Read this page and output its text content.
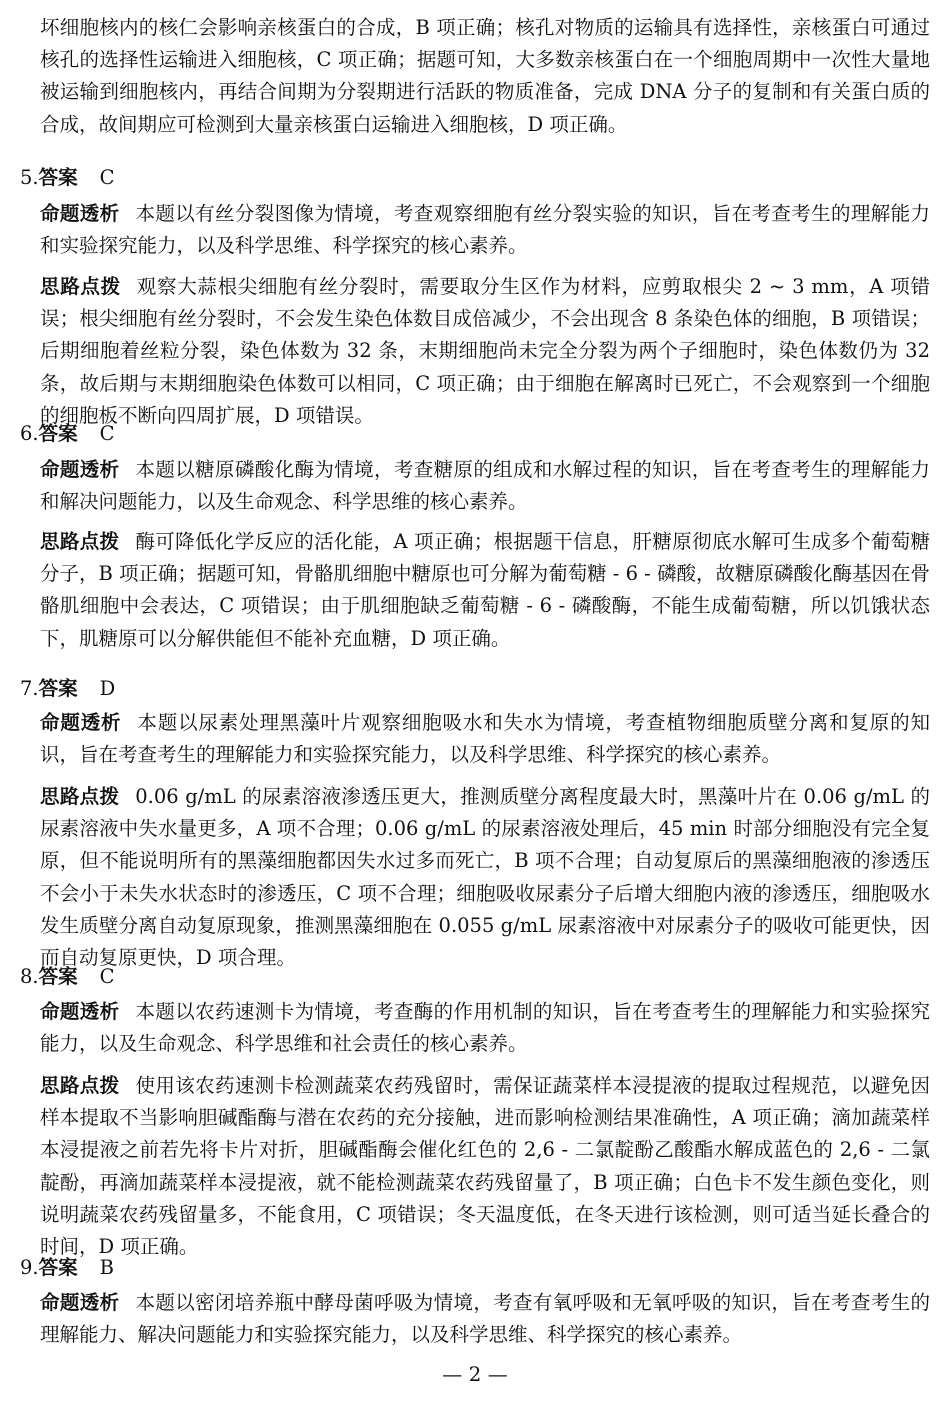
坏细胞核内的核仁会影响亲核蛋白的合成，B 项正确；核孔对物质的运输具有选择性，亲核蛋白可通过核孔的选择性运输进入细胞核，C 项正确；据题可知，大多数亲核蛋白在一个细胞周期中一次性大量地被运输到细胞核内，再结合间期为分裂期进行活跃的物质准备，完成 DNA 分子的复制和有关蛋白质的合成，故间期应可检测到大量亲核蛋白运输进入细胞核，D 项正确。

5.答案 C

命题透析 本题以有丝分裂图像为情境，考查观察细胞有丝分裂实验的知识，旨在考查考生的理解能力和实验探究能力，以及科学思维、科学探究的核心素养。

思路点拨 观察大蒜根尖细胞有丝分裂时，需要取分生区作为材料，应剪取根尖 2 ~ 3 mm，A 项错误；根尖细胞有丝分裂时，不会发生染色体数目成倍减少，不会出现含 8 条染色体的细胞，B 项错误；后期细胞着丝粒分裂，染色体数为 32 条，末期细胞尚未完全分裂为两个子细胞时，染色体数仍为 32 条，故后期与末期细胞染色体数可以相同，C 项正确；由于细胞在解离时已死亡，不会观察到一个细胞的细胞板不断向四周扩展，D 项错误。

6.答案 C

命题透析 本题以糖原磷酸化酶为情境，考查糖原的组成和水解过程的知识，旨在考查考生的理解能力和解决问题能力，以及生命观念、科学思维的核心素养。

思路点拨 酶可降低化学反应的活化能，A 项正确；根据题干信息，肝糖原彻底水解可生成多个葡萄糖分子，B 项正确；据题可知，骨骼肌细胞中糖原也可分解为葡萄糖 - 6 - 磷酸，故糖原磷酸化酶基因在骨骼肌细胞中会表达，C 项错误；由于肌细胞缺乏葡萄糖 - 6 - 磷酸酶，不能生成葡萄糖，所以饥饿状态下，肌糖原可以分解供能但不能补充血糖，D 项正确。

7.答案 D

命题透析 本题以尿素处理黑藻叶片观察细胞吸水和失水为情境，考查植物细胞质壁分离和复原的知识，旨在考查考生的理解能力和实验探究能力，以及科学思维、科学探究的核心素养。

思路点拨 0.06 g/mL 的尿素溶液渗透压更大，推测质壁分离程度最大时，黑藻叶片在 0.06 g/mL 的尿素溶液中失水量更多，A 项不合理；0.06 g/mL 的尿素溶液处理后，45 min 时部分细胞没有完全复原，但不能说明所有的黑藻细胞都因失水过多而死亡，B 项不合理；自动复原后的黑藻细胞液的渗透压不会小于未失水状态时的渗透压，C 项不合理；细胞吸收尿素分子后增大细胞内液的渗透压，细胞吸水发生质壁分离自动复原现象，推测黑藻细胞在 0.055 g/mL 尿素溶液中对尿素分子的吸收可能更快，因而自动复原更快，D 项合理。

8.答案 C

命题透析 本题以农药速测卡为情境，考查酶的作用机制的知识，旨在考查考生的理解能力和实验探究能力，以及生命观念、科学思维和社会责任的核心素养。

思路点拨 使用该农药速测卡检测蔬菜农药残留时，需保证蔬菜样本浸提液的提取过程规范，以避免因样本提取不当影响胆碱酯酶与潜在农药的充分接触，进而影响检测结果准确性，A 项正确；滴加蔬菜样本浸提液之前若先将卡片对折，胆碱酯酶会催化红色的 2,6 - 二氯靛酚乙酸酯水解成蓝色的 2,6 - 二氯靛酚，再滴加蔬菜样本浸提液，就不能检测蔬菜农药残留量了，B 项正确；白色卡不发生颜色变化，则说明蔬菜农药残留量多，不能食用，C 项错误；冬天温度低，在冬天进行该检测，则可适当延长叠合的时间，D 项正确。

9.答案 B

命题透析 本题以密闭培养瓶中酵母菌呼吸为情境，考查有氧呼吸和无氧呼吸的知识，旨在考查考生的理解能力、解决问题能力和实验探究能力，以及科学思维、科学探究的核心素养。

— 2 —
